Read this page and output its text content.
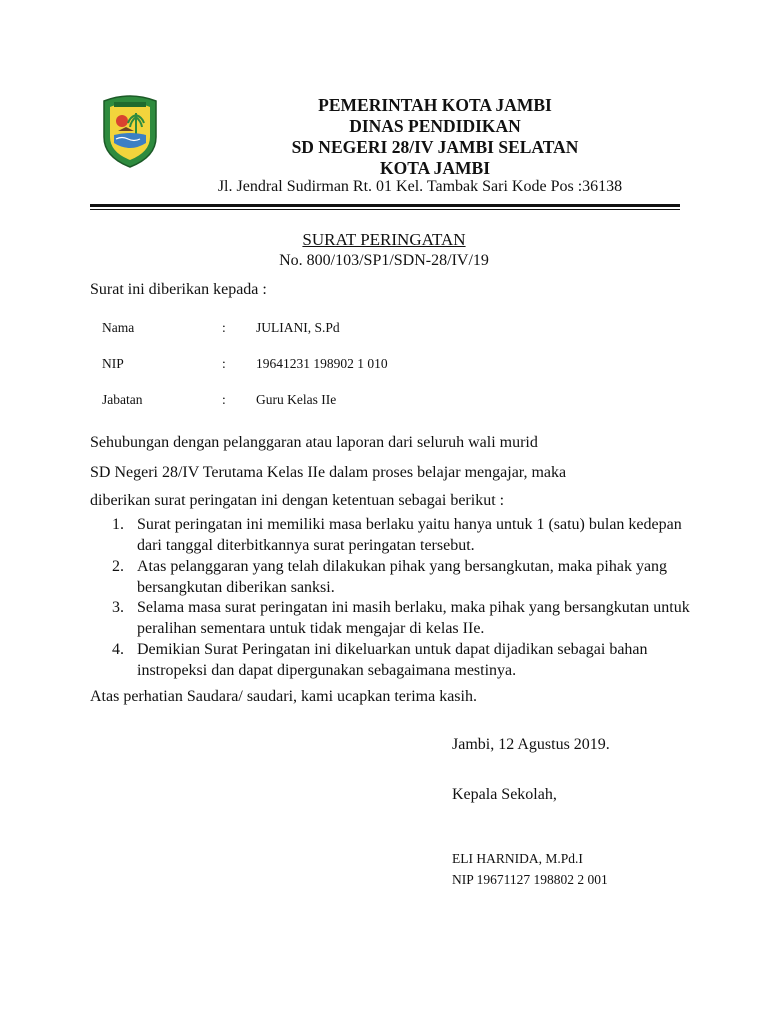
PEMERINTAH KOTA JAMBI
DINAS PENDIDIKAN
SD NEGERI 28/IV JAMBI SELATAN
KOTA JAMBI
Jl. Jendral Sudirman Rt. 01 Kel. Tambak Sari Kode Pos :36138
SURAT PERINGATAN
No. 800/103/SP1/SDN-28/IV/19
Surat ini diberikan kepada :
Nama	: JULIANI, S.Pd
NIP	: 19641231 198902 1 010
Jabatan	: Guru Kelas IIe
Sehubungan dengan pelanggaran atau laporan dari seluruh wali murid
SD Negeri 28/IV Terutama Kelas IIe dalam proses belajar mengajar, maka
diberikan surat peringatan ini dengan ketentuan sebagai berikut :
1. Surat peringatan ini memiliki masa berlaku yaitu hanya untuk 1 (satu) bulan kedepan dari tanggal diterbitkannya surat peringatan tersebut.
2. Atas pelanggaran yang telah dilakukan pihak yang bersangkutan, maka pihak yang bersangkutan diberikan sanksi.
3. Selama masa surat peringatan ini masih berlaku, maka pihak yang bersangkutan untuk peralihan sementara untuk tidak mengajar di kelas IIe.
4. Demikian Surat Peringatan ini dikeluarkan untuk dapat dijadikan sebagai bahan instropeksi dan dapat dipergunakan sebagaimana mestinya.
Atas perhatian Saudara/ saudari, kami ucapkan terima kasih.
Jambi, 12 Agustus 2019.
Kepala Sekolah,
ELI HARNIDA, M.Pd.I
NIP 19671127 198802 2 001
